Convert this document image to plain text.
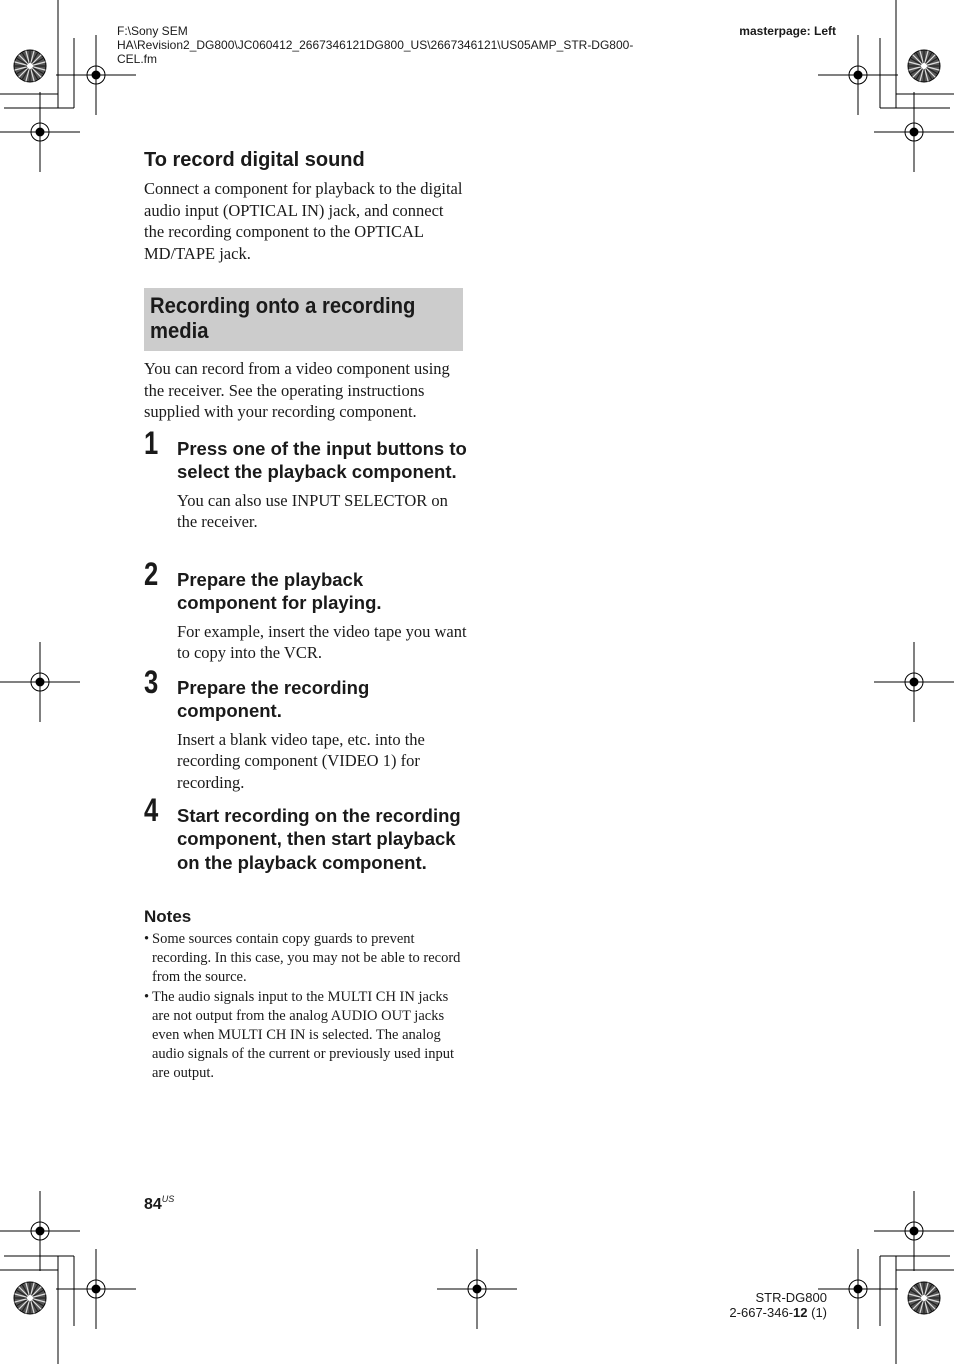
F:\Sony SEM
HA\Revision2_DG800\JC060412_2667346121DG800_US\2667346121\US05AMP_STR-DG800-
CEL.fm
masterpage: Left
To record digital sound

Connect a component for playback to the digital audio input (OPTICAL IN) jack, and connect the recording component to the OPTICAL MD/TAPE jack.

Recording onto a recording media

You can record from a video component using the receiver. See the operating instructions supplied with your recording component.

1 Press one of the input buttons to select the playback component.
You can also use INPUT SELECTOR on the receiver.
2 Prepare the playback component for playing.
For example, insert the video tape you want to copy into the VCR.
3 Prepare the recording component.
Insert a blank video tape, etc. into the recording component (VIDEO 1) for recording.
4 Start recording on the recording component, then start playback on the playback component.
Notes
• Some sources contain copy guards to prevent recording. In this case, you may not be able to record from the source.
• The audio signals input to the MULTI CH IN jacks are not output from the analog AUDIO OUT jacks even when MULTI CH IN is selected. The analog audio signals of the current or previously used input are output.
$84^{US}$
STR-DG800
2-667-346-12 (1)
